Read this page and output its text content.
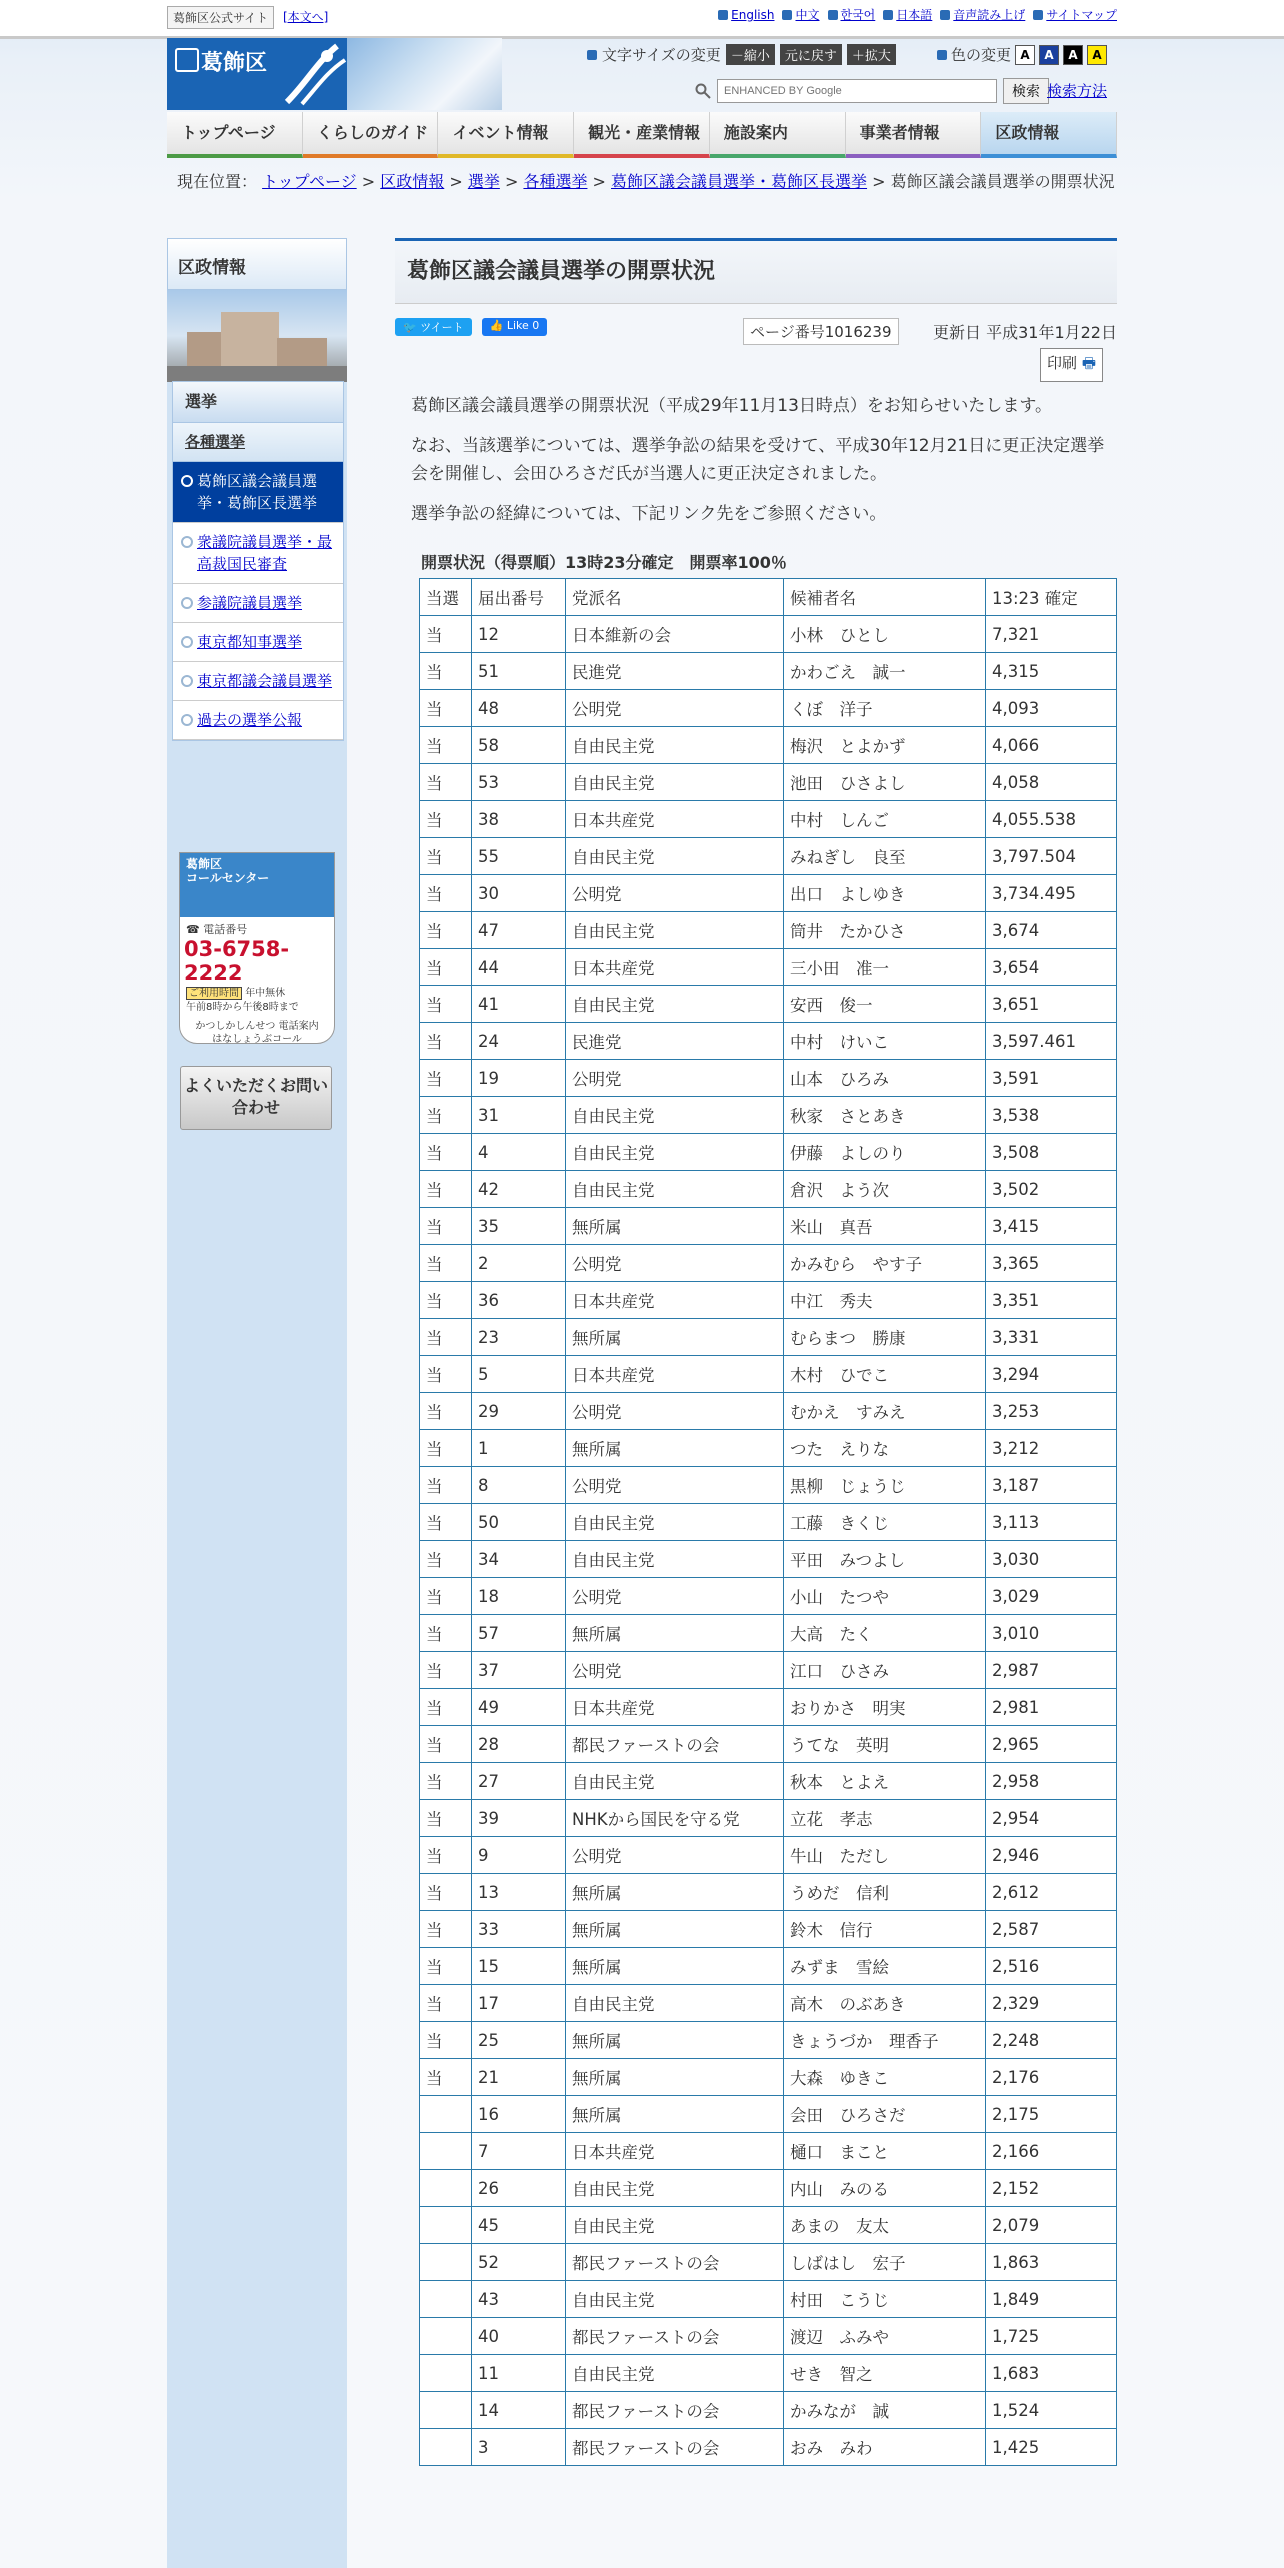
葛飾区公式サイト	[本文へ]	English 中文 한국어 日本語 音声読み上げ サイトマップ
葛飾区	文字サイズの変更 －縮小	元に戻す	＋拡大	色の変更 A	A	A	A
ENHANCED BY Google
検索 検索方法
トップページ	くらしのガイド	イベント情報	観光・産業情報	施設案内	事業者情報	区政情報
現在位置： トップページ > 区政情報 > 選挙 > 各種選挙 > 葛飾区議会議員選挙・葛飾区長選挙 > 葛飾区議会議員選挙の開票状況
区政情報
選挙
各種選挙
葛飾区議会議員選挙・葛飾区長選挙
衆議院議員選挙・最高裁国民審査
参議院議員選挙
東京都知事選挙
東京都議会議員選挙
過去の選挙公報
葛飾区
コールセンター
☎ 電話番号
03-6758-2222
ご利用時間 年中無休
午前8時から午後8時まで
かつしかしんせつ 電話案内
はなしょうぶコール
よくいただくお問い合わせ
葛飾区議会議員選挙の開票状況
🐦 ツイート	👍 Like 0	ページ番号1016239	更新日 平成31年1月22日
印刷 🖶

葛飾区議会議員選挙の開票状況（平成29年11月13日時点）をお知らせいたします。

なお、当該選挙については、選挙争訟の結果を受けて、平成30年12月21日に更正決定選挙会を開催し、会田ひろさだ氏が当選人に更正決定されました。

選挙争訟の経緯については、下記リンク先をご参照ください。

開票状況（得票順）13時23分確定　開票率100％
当選	届出番号	党派名	候補者名	13:23 確定
当	12	日本維新の会	小林　ひとし	7,321
当	51	民進党	かわごえ　誠一	4,315
当	48	公明党	くぼ　洋子	4,093
当	58	自由民主党	梅沢　とよかず	4,066
当	53	自由民主党	池田　ひさよし	4,058
当	38	日本共産党	中村　しんご	4,055.538
当	55	自由民主党	みねぎし　良至	3,797.504
当	30	公明党	出口　よしゆき	3,734.495
当	47	自由民主党	筒井　たかひさ	3,674
当	44	日本共産党	三小田　准一	3,654
当	41	自由民主党	安西　俊一	3,651
当	24	民進党	中村　けいこ	3,597.461
当	19	公明党	山本　ひろみ	3,591
当	31	自由民主党	秋家　さとあき	3,538
当	4	自由民主党	伊藤　よしのり	3,508
当	42	自由民主党	倉沢　よう次	3,502
当	35	無所属	米山　真吾	3,415
当	2	公明党	かみむら　やす子	3,365
当	36	日本共産党	中江　秀夫	3,351
当	23	無所属	むらまつ　勝康	3,331
当	5	日本共産党	木村　ひでこ	3,294
当	29	公明党	むかえ　すみえ	3,253
当	1	無所属	つた　えりな	3,212
当	8	公明党	黒柳　じょうじ	3,187
当	50	自由民主党	工藤　きくじ	3,113
当	34	自由民主党	平田　みつよし	3,030
当	18	公明党	小山　たつや	3,029
当	57	無所属	大高　たく	3,010
当	37	公明党	江口　ひさみ	2,987
当	49	日本共産党	おりかさ　明実	2,981
当	28	都民ファーストの会	うてな　英明	2,965
当	27	自由民主党	秋本　とよえ	2,958
当	39	NHKから国民を守る党	立花　孝志	2,954
当	9	公明党	牛山　ただし	2,946
当	13	無所属	うめだ　信利	2,612
当	33	無所属	鈴木　信行	2,587
当	15	無所属	みずま　雪絵	2,516
当	17	自由民主党	高木　のぶあき	2,329
当	25	無所属	きょうづか　理香子	2,248
当	21	無所属	大森　ゆきこ	2,176
	16	無所属	会田　ひろさだ	2,175
	7	日本共産党	樋口　まこと	2,166
	26	自由民主党	内山　みのる	2,152
	45	自由民主党	あまの　友太	2,079
	52	都民ファーストの会	しばはし　宏子	1,863
	43	自由民主党	村田　こうじ	1,849
	40	都民ファーストの会	渡辺　ふみや	1,725
	11	自由民主党	せき　智之	1,683
	14	都民ファーストの会	かみなが　誠	1,524
	3	都民ファーストの会	おみ　みわ	1,425
